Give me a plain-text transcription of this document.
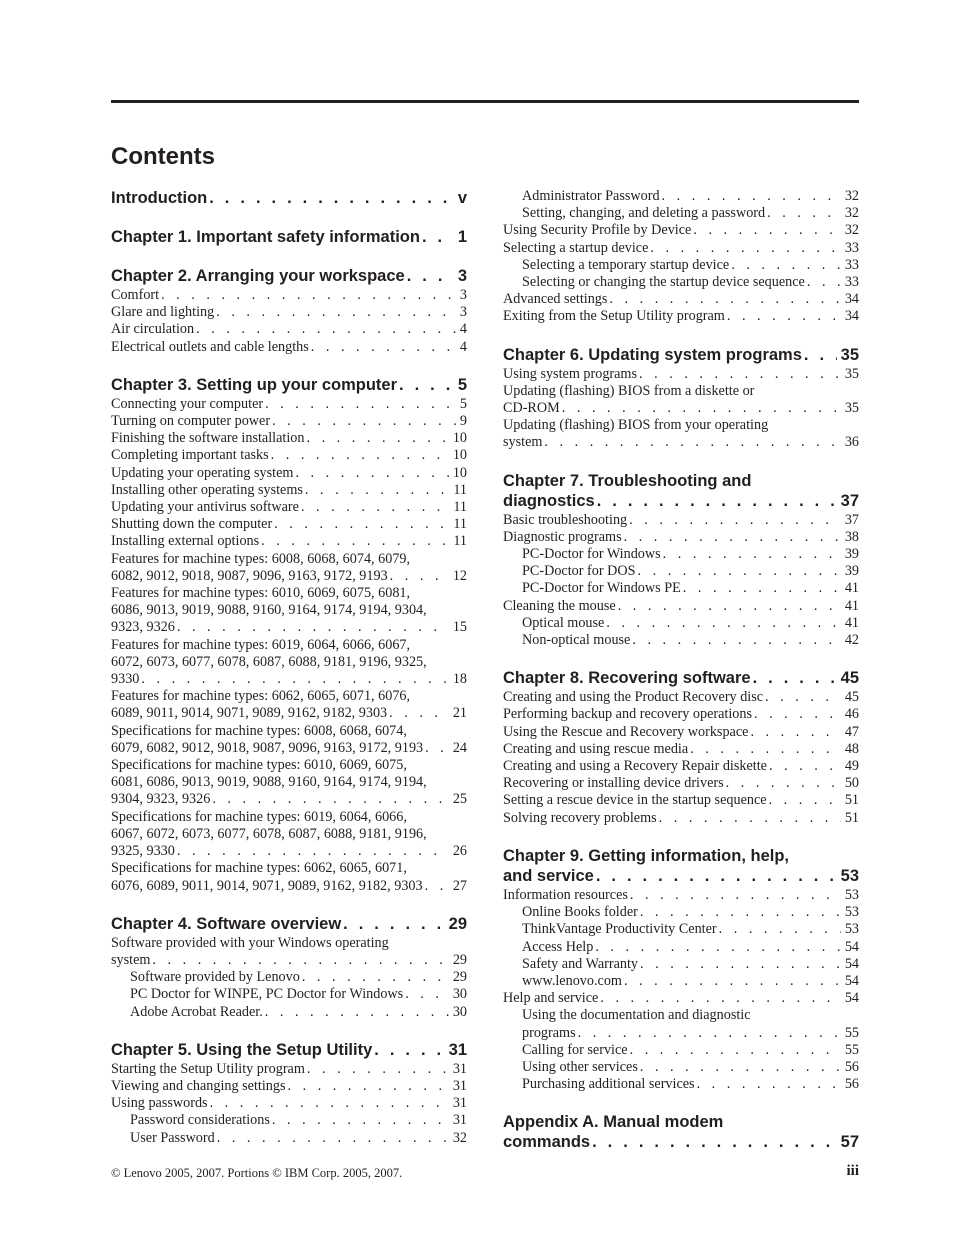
Contents
Introduction . . .	v
Chapter 1. Important safety information . . . 1
Chapter 2. Arranging your workspace . . .	3
Comfort . . .	3
Glare and lighting . . .	3
Air circulation . . .	4
Electrical outlets and cable lengths . . .	4
Chapter 3. Setting up your computer . . .	5
Connecting your computer . . .	5
Turning on computer power . . .	9
Finishing the software installation . . .	10
Completing important tasks . . .	10
Updating your operating system . . .	10
Installing other operating systems . . .	11
Updating your antivirus software . . .	11
Shutting down the computer . . .	11
Installing external options . . .	11
Features for machine types: 6008, 6068, 6074, 6079,
6082, 9012, 9018, 9087, 9096, 9163, 9172, 9193 . . .	12
Features for machine types: 6010, 6069, 6075, 6081,
6086, 9013, 9019, 9088, 9160, 9164, 9174, 9194, 9304,
9323, 9326 . . .	15
Features for machine types: 6019, 6064, 6066, 6067,
6072, 6073, 6077, 6078, 6087, 6088, 9181, 9196, 9325,
9330 . . .	18
Features for machine types: 6062, 6065, 6071, 6076,
6089, 9011, 9014, 9071, 9089, 9162, 9182, 9303 . . .	21
Specifications for machine types: 6008, 6068, 6074,
6079, 6082, 9012, 9018, 9087, 9096, 9163, 9172, 9193 . . . 24
Specifications for machine types: 6010, 6069, 6075,
6081, 6086, 9013, 9019, 9088, 9160, 9164, 9174, 9194,
9304, 9323, 9326 . . .	25
Specifications for machine types: 6019, 6064, 6066,
6067, 6072, 6073, 6077, 6078, 6087, 6088, 9181, 9196,
9325, 9330 . . .	26
Specifications for machine types: 6062, 6065, 6071,
6076, 6089, 9011, 9014, 9071, 9089, 9162, 9182, 9303 . . . 27
Chapter 4. Software overview . . .	29
Software provided with your Windows operating
system . . .	29
Software provided by Lenovo . . .	29
PC Doctor for WINPE, PC Doctor for Windows . . .	30
Adobe Acrobat Reader. . . .	30
Chapter 5. Using the Setup Utility . . .	31
Starting the Setup Utility program . . .	31
Viewing and changing settings . . .	31
Using passwords . . .	31
Password considerations . . .	31
User Password . . .	32
Administrator Password . . .	32
Setting, changing, and deleting a password . . .	32
Using Security Profile by Device . . .	32
Selecting a startup device . . .	33
Selecting a temporary startup device . . .	33
Selecting or changing the startup device sequence . . .	33
Advanced settings . . .	34
Exiting from the Setup Utility program . . .	34
Chapter 6. Updating system programs . . . 35
Using system programs . . .	35
Updating (flashing) BIOS from a diskette or
CD-ROM . . .	35
Updating (flashing) BIOS from your operating
system . . .	36
Chapter 7. Troubleshooting and
diagnostics . . .	37
Basic troubleshooting . . .	37
Diagnostic programs . . .	38
PC-Doctor for Windows . . .	39
PC-Doctor for DOS . . .	39
PC-Doctor for Windows PE . . .	41
Cleaning the mouse . . .	41
Optical mouse . . .	41
Non-optical mouse . . .	42
Chapter 8. Recovering software . . .	45
Creating and using the Product Recovery disc . . .	45
Performing backup and recovery operations . . .	46
Using the Rescue and Recovery workspace . . .	47
Creating and using rescue media . . .	48
Creating and using a Recovery Repair diskette . . .	49
Recovering or installing device drivers . . .	50
Setting a rescue device in the startup sequence . . .	51
Solving recovery problems . . .	51
Chapter 9. Getting information, help,
and service . . .	53
Information resources . . .	53
Online Books folder . . .	53
ThinkVantage Productivity Center . . .	53
Access Help . . .	54
Safety and Warranty . . .	54
www.lenovo.com . . .	54
Help and service . . .	54
Using the documentation and diagnostic
programs . . .	55
Calling for service . . .	55
Using other services . . .	56
Purchasing additional services . . .	56
Appendix A. Manual modem
commands . . .	57
© Lenovo 2005, 2007. Portions © IBM Corp. 2005, 2007.	iii
